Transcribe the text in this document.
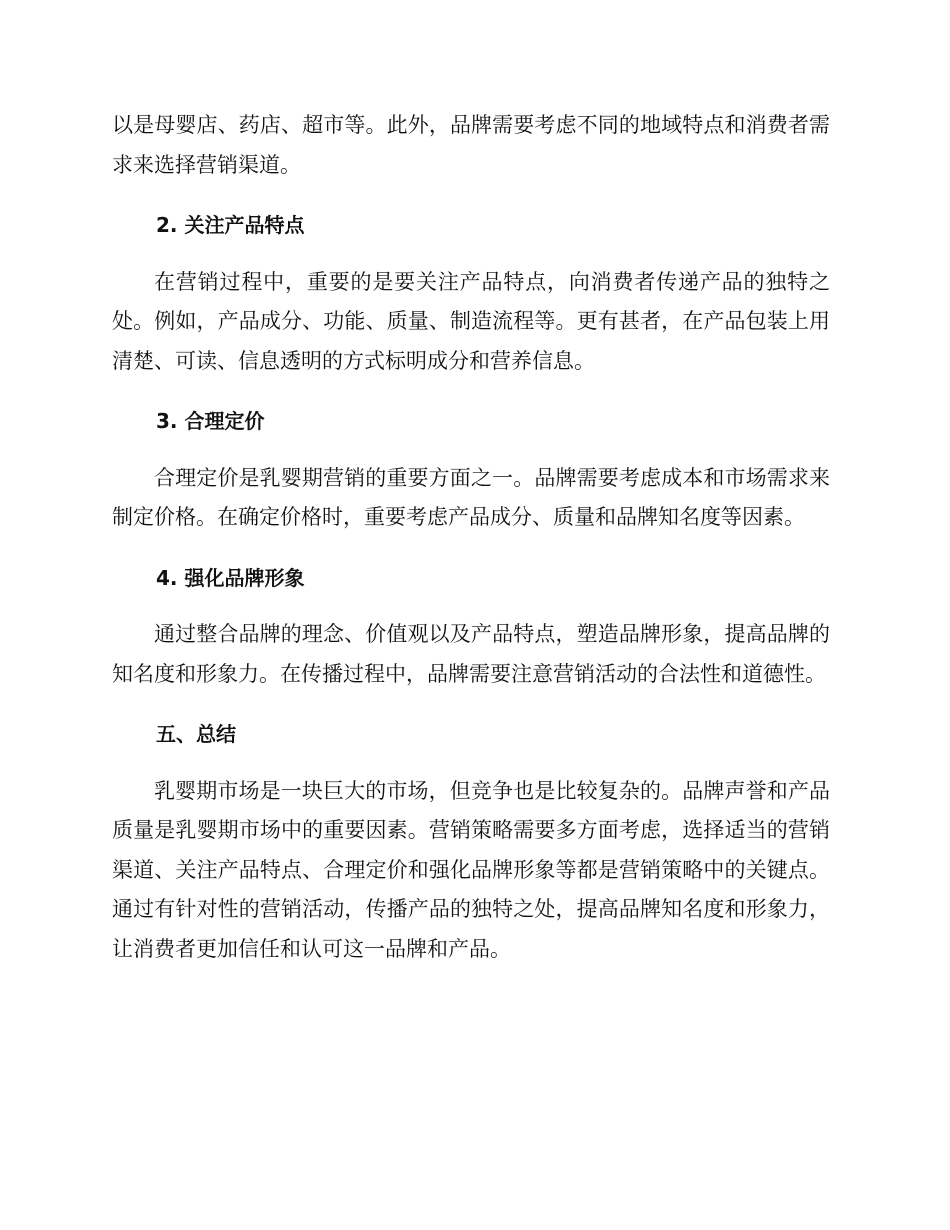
以是母婴店、药店、超市等。此外，品牌需要考虑不同的地域特点和消费者需求来选择营销渠道。

2. 关注产品特点

在营销过程中，重要的是要关注产品特点，向消费者传递产品的独特之处。例如，产品成分、功能、质量、制造流程等。更有甚者，在产品包装上用清楚、可读、信息透明的方式标明成分和营养信息。

3. 合理定价

合理定价是乳婴期营销的重要方面之一。品牌需要考虑成本和市场需求来制定价格。在确定价格时，重要考虑产品成分、质量和品牌知名度等因素。

4. 强化品牌形象

通过整合品牌的理念、价值观以及产品特点，塑造品牌形象，提高品牌的知名度和形象力。在传播过程中，品牌需要注意营销活动的合法性和道德性。

五、总结

乳婴期市场是一块巨大的市场，但竞争也是比较复杂的。品牌声誉和产品质量是乳婴期市场中的重要因素。营销策略需要多方面考虑，选择适当的营销渠道、关注产品特点、合理定价和强化品牌形象等都是营销策略中的关键点。通过有针对性的营销活动，传播产品的独特之处，提高品牌知名度和形象力，让消费者更加信任和认可这一品牌和产品。
